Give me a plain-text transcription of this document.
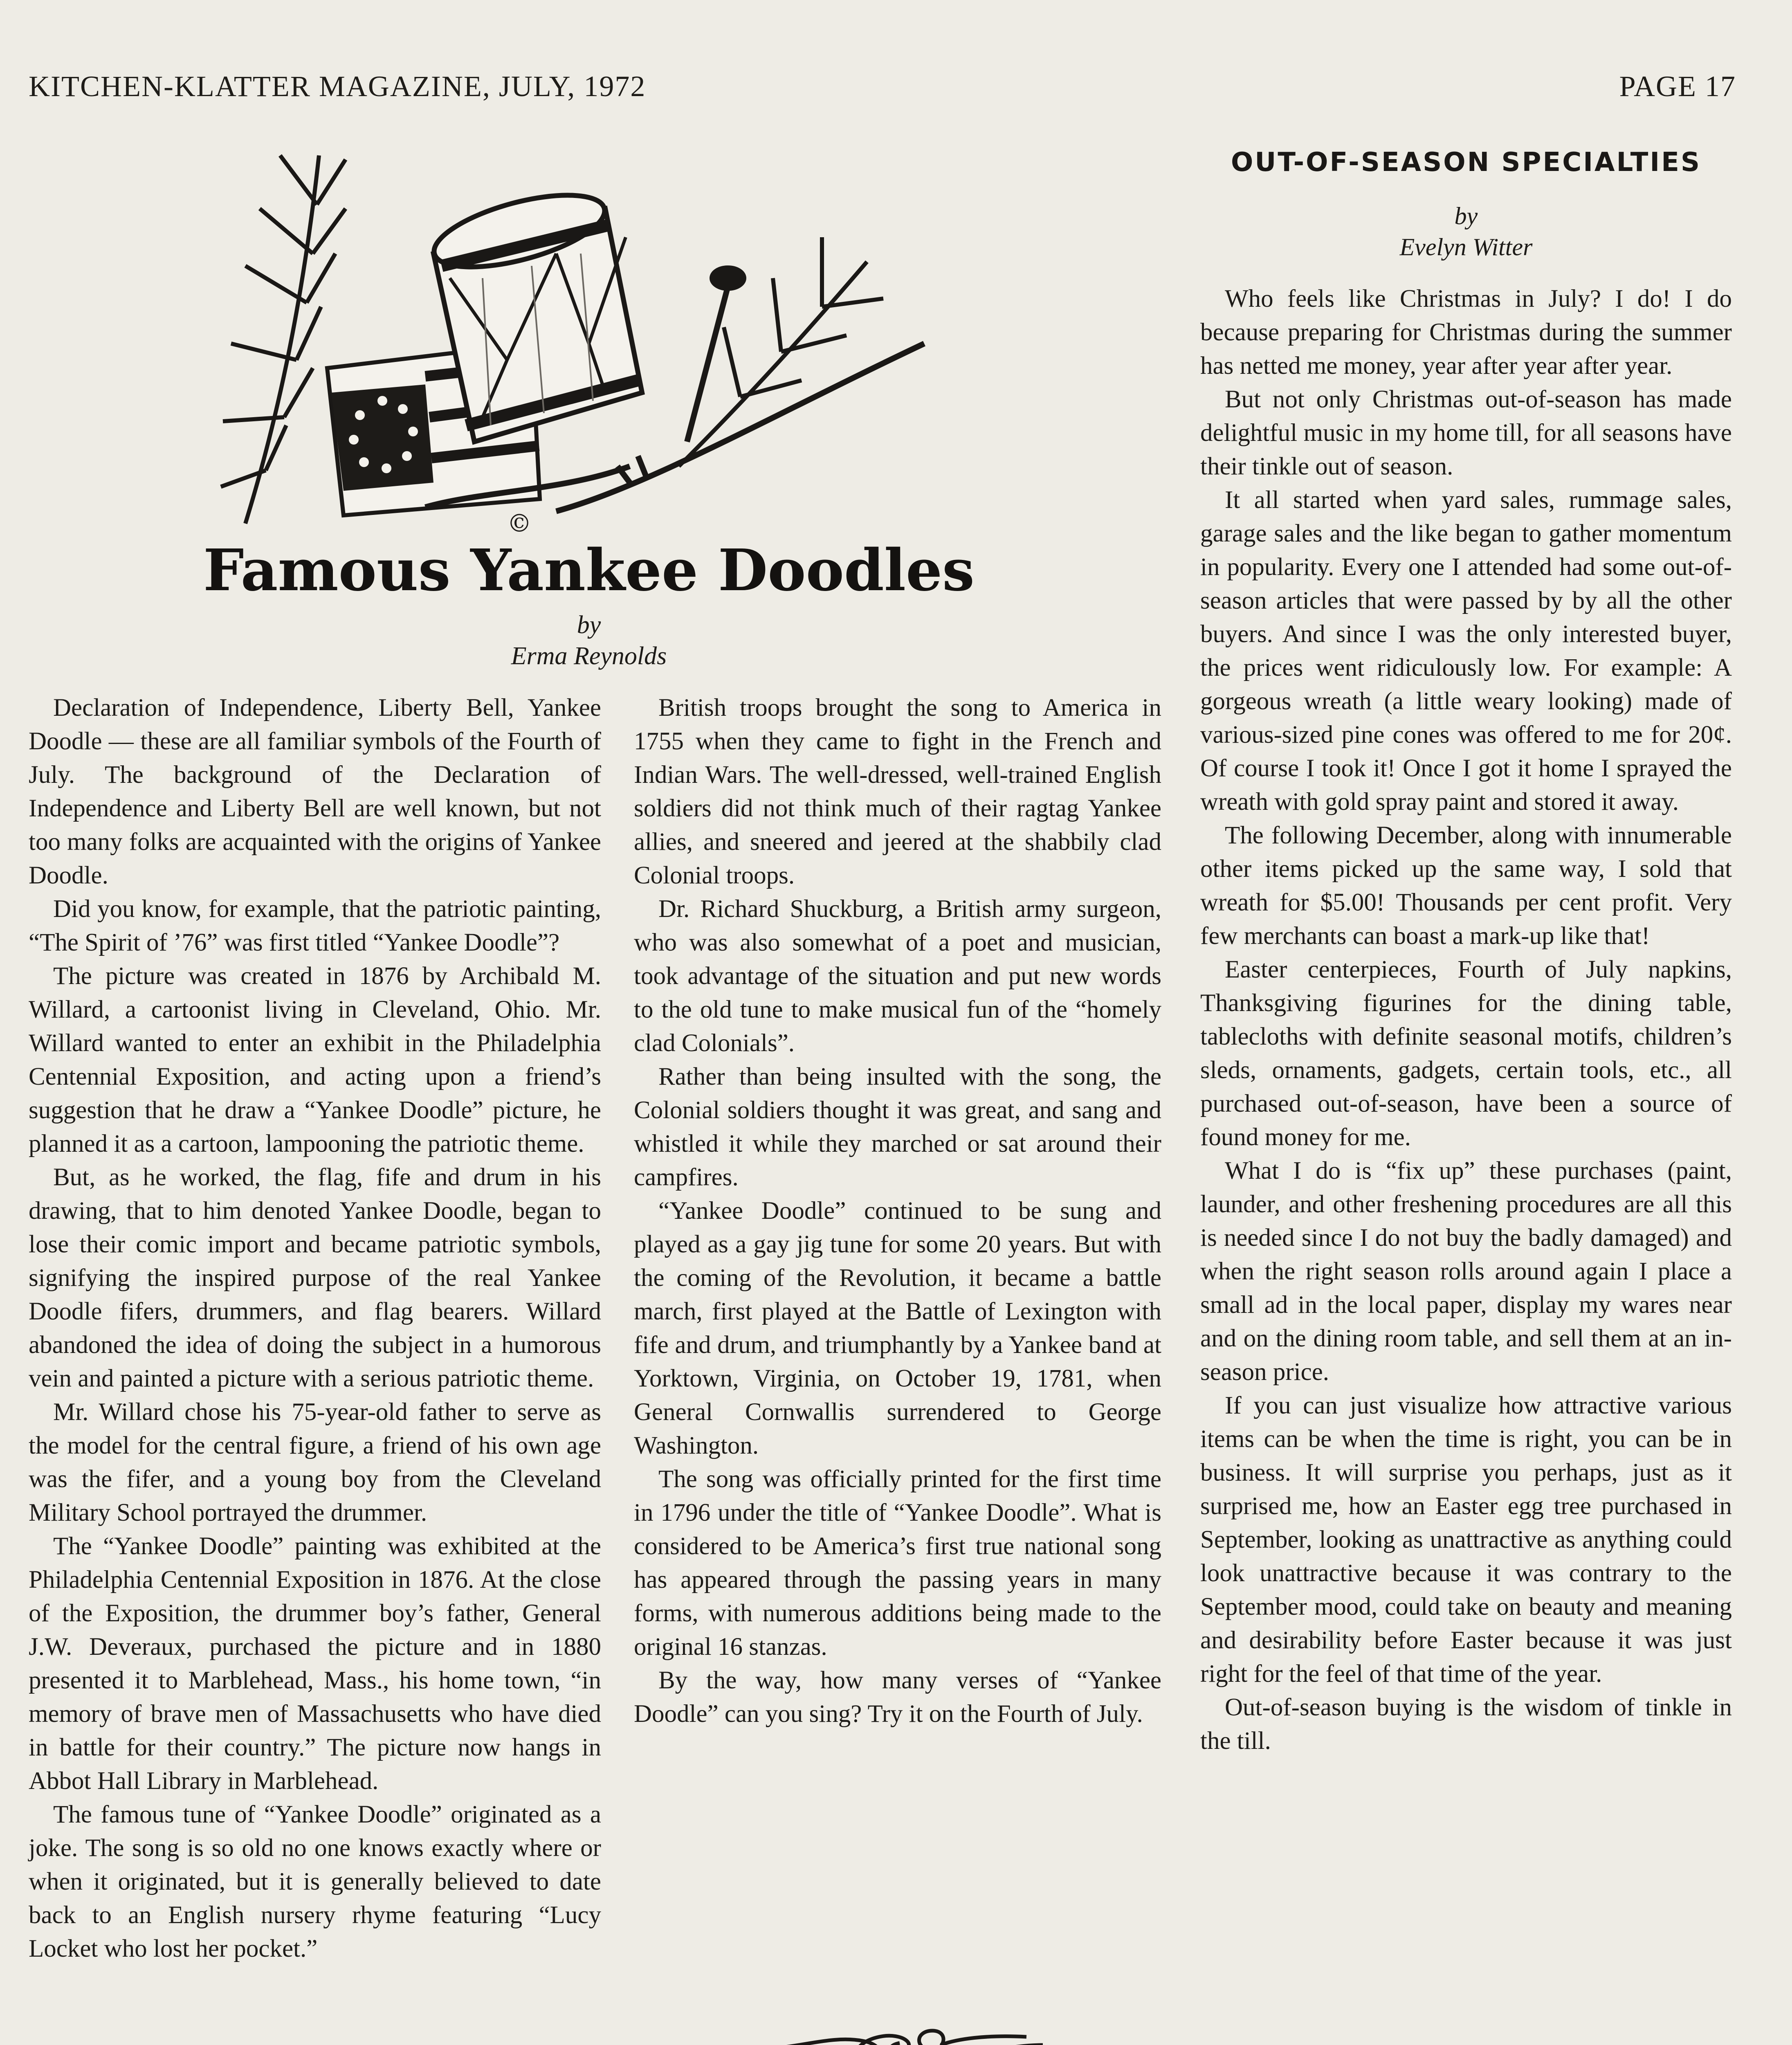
KITCHEN-KLATTER MAGAZINE, JULY, 1972	PAGE 17
©
Famous Yankee Doodles
by
Erma Reynolds

Declaration of Independence, Liberty Bell, Yankee Doodle — these are all familiar symbols of the Fourth of July. The background of the Declaration of Independence and Liberty Bell are well known, but not too many folks are acquainted with the origins of Yankee Doodle.

Did you know, for example, that the patriotic painting, “The Spirit of ’76” was first titled “Yankee Doodle”?

The picture was created in 1876 by Archibald M. Willard, a cartoonist living in Cleveland, Ohio. Mr. Willard wanted to enter an exhibit in the Philadelphia Centennial Exposition, and acting upon a friend’s suggestion that he draw a “Yankee Doodle” picture, he planned it as a cartoon, lampooning the patriotic theme.

But, as he worked, the flag, fife and drum in his drawing, that to him denoted Yankee Doodle, began to lose their comic import and became patriotic symbols, signifying the inspired purpose of the real Yankee Doodle fifers, drummers, and flag bearers. Willard abandoned the idea of doing the subject in a humorous vein and painted a picture with a serious patriotic theme.

Mr. Willard chose his 75-year-old father to serve as the model for the central figure, a friend of his own age was the fifer, and a young boy from the Cleveland Military School portrayed the drummer.

The “Yankee Doodle” painting was exhibited at the Philadelphia Centennial Exposition in 1876. At the close of the Exposition, the drummer boy’s father, General J.W. Deveraux, purchased the picture and in 1880 presented it to Marblehead, Mass., his home town, “in memory of brave men of Massachusetts who have died in battle for their country.” The picture now hangs in Abbot Hall Library in Marblehead.

The famous tune of “Yankee Doodle” originated as a joke. The song is so old no one knows exactly where or when it originated, but it is generally believed to date back to an English nursery rhyme featuring “Lucy Locket who lost her pocket.”

British troops brought the song to America in 1755 when they came to fight in the French and Indian Wars. The well-dressed, well-trained English soldiers did not think much of their ragtag Yankee allies, and sneered and jeered at the shabbily clad Colonial troops.

Dr. Richard Shuckburg, a British army surgeon, who was also somewhat of a poet and musician, took advantage of the situation and put new words to the old tune to make musical fun of the “homely clad Colonials”.

Rather than being insulted with the song, the Colonial soldiers thought it was great, and sang and whistled it while they marched or sat around their campfires.

“Yankee Doodle” continued to be sung and played as a gay jig tune for some 20 years. But with the coming of the Revolution, it became a battle march, first played at the Battle of Lexington with fife and drum, and triumphantly by a Yankee band at Yorktown, Virginia, on October 19, 1781, when General Cornwallis surrendered to George Washington.

The song was officially printed for the first time in 1796 under the title of “Yankee Doodle”. What is considered to be America’s first true national song has appeared through the passing years in many forms, with numerous additions being made to the original 16 stanzas.

By the way, how many verses of “Yankee Doodle” can you sing? Try it on the Fourth of July.

OUT-OF-SEASON SPECIALTIES
by
Evelyn Witter

Who feels like Christmas in July? I do! I do because preparing for Christmas during the summer has netted me money, year after year after year.

But not only Christmas out-of-season has made delightful music in my home till, for all seasons have their tinkle out of season.

It all started when yard sales, rummage sales, garage sales and the like began to gather momentum in popularity. Every one I attended had some out-of-season articles that were passed by by all the other buyers. And since I was the only interested buyer, the prices went ridiculously low. For example: A gorgeous wreath (a little weary looking) made of various-sized pine cones was offered to me for 20¢. Of course I took it! Once I got it home I sprayed the wreath with gold spray paint and stored it away.

The following December, along with innumerable other items picked up the same way, I sold that wreath for $5.00! Thousands per cent profit. Very few merchants can boast a mark-up like that!

Easter centerpieces, Fourth of July napkins, Thanksgiving figurines for the dining table, tablecloths with definite seasonal motifs, children’s sleds, ornaments, gadgets, certain tools, etc., all purchased out-of-season, have been a source of found money for me.

What I do is “fix up” these purchases (paint, launder, and other freshening procedures are all this is needed since I do not buy the badly damaged) and when the right season rolls around again I place a small ad in the local paper, display my wares near and on the dining room table, and sell them at an in-season price.

If you can just visualize how attractive various items can be when the time is right, you can be in business. It will surprise you perhaps, just as it surprised me, how an Easter egg tree purchased in September, looking as unattractive as anything could look unattractive because it was contrary to the September mood, could take on beauty and meaning and desirability before Easter because it was just right for the feel of that time of the year.

Out-of-season buying is the wisdom of tinkle in the till.
